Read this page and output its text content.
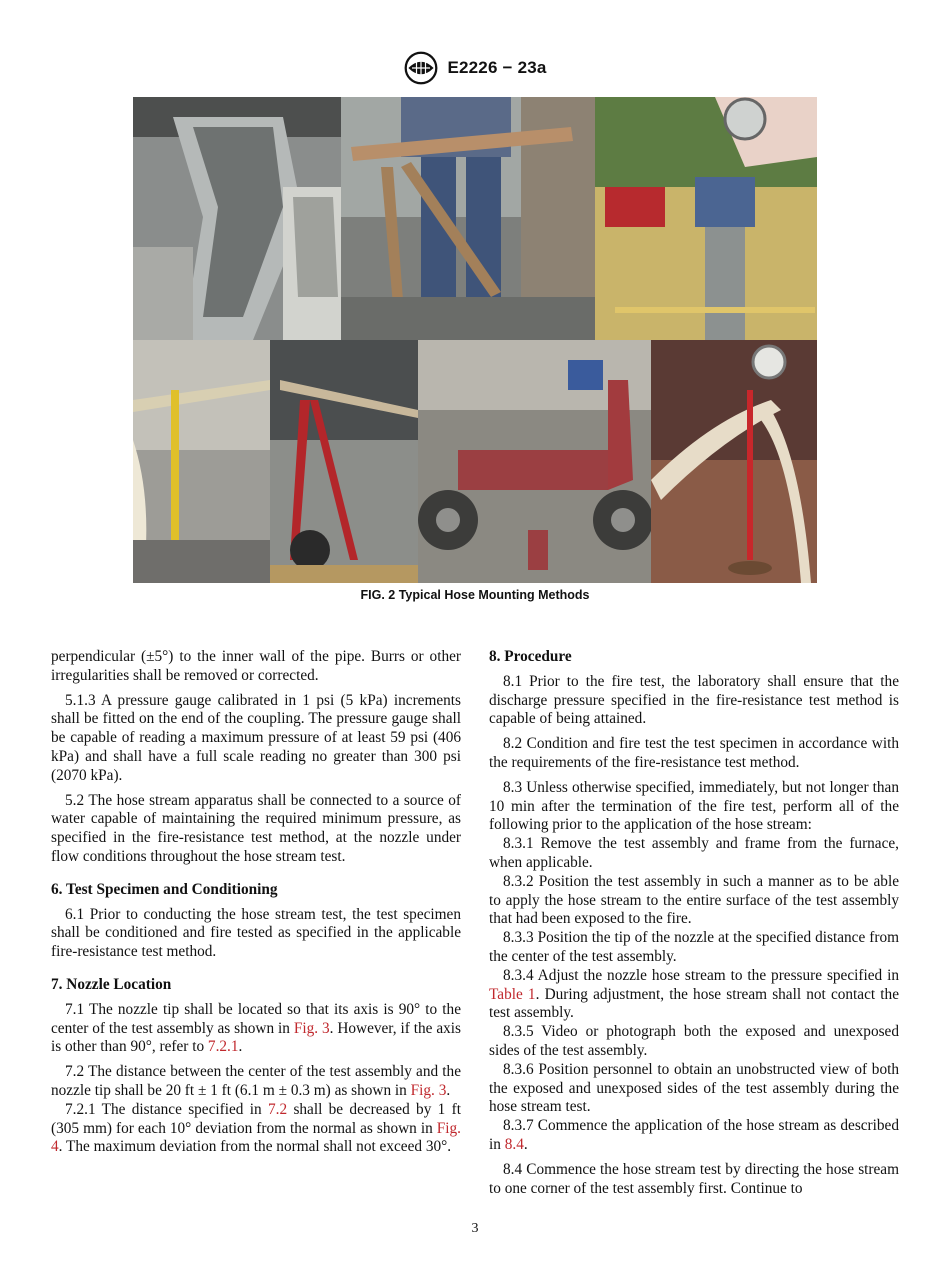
E2226 − 23a
FIG. 2 Typical Hose Mounting Methods

perpendicular (±5°) to the inner wall of the pipe. Burrs or other irregularities shall be removed or corrected.

5.1.3 A pressure gauge calibrated in 1 psi (5 kPa) increments shall be fitted on the end of the coupling. The pressure gauge shall be capable of reading a maximum pressure of at least 59 psi (406 kPa) and shall have a full scale reading no greater than 300 psi (2070 kPa).

5.2 The hose stream apparatus shall be connected to a source of water capable of maintaining the required minimum pressure, as specified in the fire-resistance test method, at the nozzle under flow conditions throughout the hose stream test.

6. Test Specimen and Conditioning

6.1 Prior to conducting the hose stream test, the test specimen shall be conditioned and fire tested as specified in the applicable fire-resistance test method.

7. Nozzle Location

7.1 The nozzle tip shall be located so that its axis is 90° to the center of the test assembly as shown in Fig. 3. However, if the axis is other than 90°, refer to 7.2.1.

7.2 The distance between the center of the test assembly and the nozzle tip shall be 20 ft ± 1 ft (6.1 m ± 0.3 m) as shown in Fig. 3.

7.2.1 The distance specified in 7.2 shall be decreased by 1 ft (305 mm) for each 10° deviation from the normal as shown in Fig. 4. The maximum deviation from the normal shall not exceed 30°.

8. Procedure

8.1 Prior to the fire test, the laboratory shall ensure that the discharge pressure specified in the fire-resistance test method is capable of being attained.

8.2 Condition and fire test the test specimen in accordance with the requirements of the fire-resistance test method.

8.3 Unless otherwise specified, immediately, but not longer than 10 min after the termination of the fire test, perform all of the following prior to the application of the hose stream:

8.3.1 Remove the test assembly and frame from the furnace, when applicable.

8.3.2 Position the test assembly in such a manner as to be able to apply the hose stream to the entire surface of the test assembly that had been exposed to the fire.

8.3.3 Position the tip of the nozzle at the specified distance from the center of the test assembly.

8.3.4 Adjust the nozzle hose stream to the pressure specified in Table 1. During adjustment, the hose stream shall not contact the test assembly.

8.3.5 Video or photograph both the exposed and unexposed sides of the test assembly.

8.3.6 Position personnel to obtain an unobstructed view of both the exposed and unexposed sides of the test assembly during the hose stream test.

8.3.7 Commence the application of the hose stream as described in 8.4.

8.4 Commence the hose stream test by directing the hose stream to one corner of the test assembly first. Continue to

3
